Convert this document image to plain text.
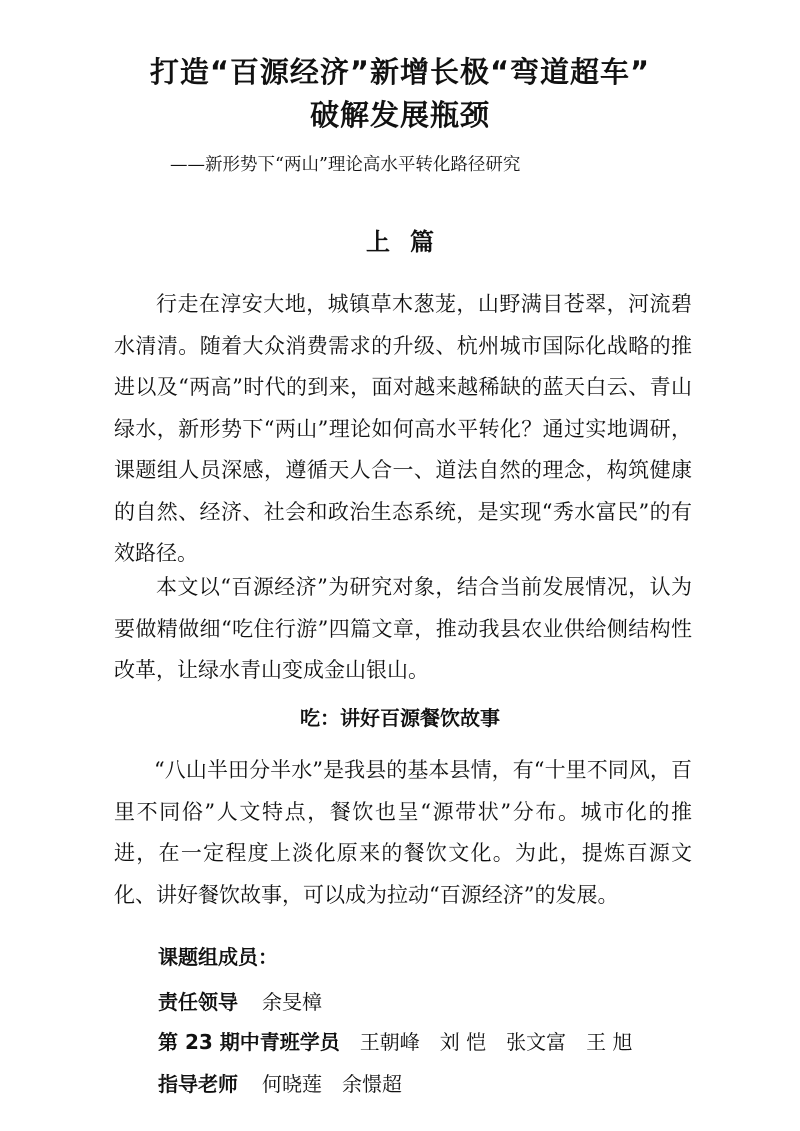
打造“百源经济”新增长极“弯道超车”
破解发展瓶颈
——新形势下“两山”理论高水平转化路径研究
上篇

行走在淳安大地，城镇草木葱茏，山野满目苍翠，河流碧水清清。随着大众消费需求的升级、杭州城市国际化战略的推进以及“两高”时代的到来，面对越来越稀缺的蓝天白云、青山绿水，新形势下“两山”理论如何高水平转化？通过实地调研，课题组人员深感，遵循天人合一、道法自然的理念，构筑健康的自然、经济、社会和政治生态系统，是实现“秀水富民”的有效路径。

本文以“百源经济”为研究对象，结合当前发展情况，认为要做精做细“吃住行游”四篇文章，推动我县农业供给侧结构性改革，让绿水青山变成金山银山。

吃：讲好百源餐饮故事

“八山半田分半水”是我县的基本县情，有“十里不同风，百里不同俗”人文特点，餐饮也呈“源带状”分布。城市化的推进，在一定程度上淡化原来的餐饮文化。为此，提炼百源文化、讲好餐饮故事，可以成为拉动“百源经济”的发展。

课题组成员：
责任领导 余旻樟
第 23 期中青班学员 王朝峰　刘 恺　张文富　王 旭
指导老师 何晓莲　余憬超
